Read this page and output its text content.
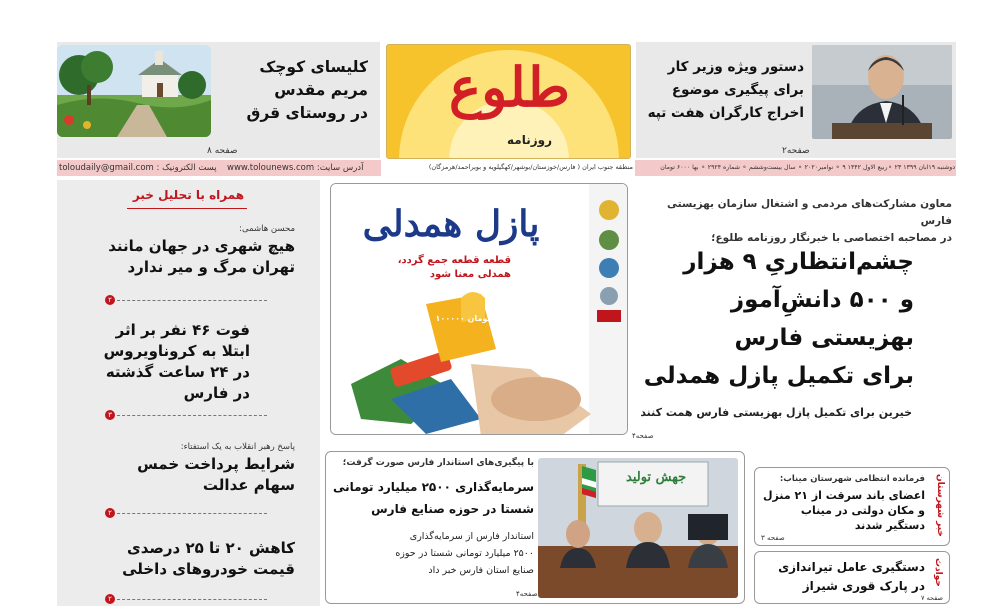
کلیسای کوچک
مریم مقدس
در روستای قرق
صفحه ۸
طلوع
روزنامه
دستور ویژه وزیر کار
برای پیگیری موضوع
اخراج کارگران هفت تپه
صفحه۲
toloudaily@gmail.com : پست الکترونیک www.tolounews.com :آدرس سایت	منطقه جنوب ایران ( فارس/خوزستان/بوشهر/کهگیلویه و بویراحمد/هرمزگان)	دوشنبه ۱۹آبان ۱۳۹۹ ⚬ ۲۳ربیع الاول ۱۴۴۲ ⚬ ۹ نوامبر۲۰۲۰ ⚬ سال بیست‌وششم ⚬ شماره ۲۹۲۴ ⚬ بها ۶۰۰۰ تومان
همراه با تحلیل خبر
محسن هاشمی:
هیچ شهری در جهان مانند
تهران مرگ و میر ندارد
۲
فوت ۴۶ نفر بر اثر
ابتلا به کروناویروس
در ۲۴ ساعت گذشته
در فارس
۳
پاسخ رهبر انقلاب به یک استفتاء:
شرایط پرداخت خمس
سهام عدالت
۲
کاهش ۲۰ تا ۲۵ درصدی
قیمت خودروهای داخلی
۲
پازل همدلی
قطعه قطعه جمع گردد،
همدلی معنا شود
۱۰۰۰۰۰ تومان
صفحه۴
معاون مشارکت‌های مردمی و اشتغال سازمان بهزیستی فارس
در مصاحبه اختصاصی با خبرنگار روزنامه طلوع؛
چشم‌انتظاریِ ۹ هزار
و ۵۰۰ دانشِ‌آموز
بهزیستی فارس
برای تکمیل پازل همدلی
خیرین برای تکمیل پازل بهزیستی فارس همت کنند
جهش تولید
با پیگیری‌های استاندار فارس صورت گرفت؛
سرمایه‌گذاری ۲۵۰۰ میلیارد تومانی
شستا در حوزه صنایع فارس
استاندار فارس از سرمایه‌گذاری
۲۵۰۰ میلیارد تومانی شستا در حوزه
صنایع استان فارس خبر داد
صفحه۴
فرمانده انتظامی شهرستان میناب:
اعضای باند سرقت از ۲۱ منزل
و مکان دولتی در میناب
دستگیر شدند خبر شهرستان
صفحه ۳
دستگیری عامل تیراندازی
در پارک قوری شیراز حوادث
صفحه ۷
